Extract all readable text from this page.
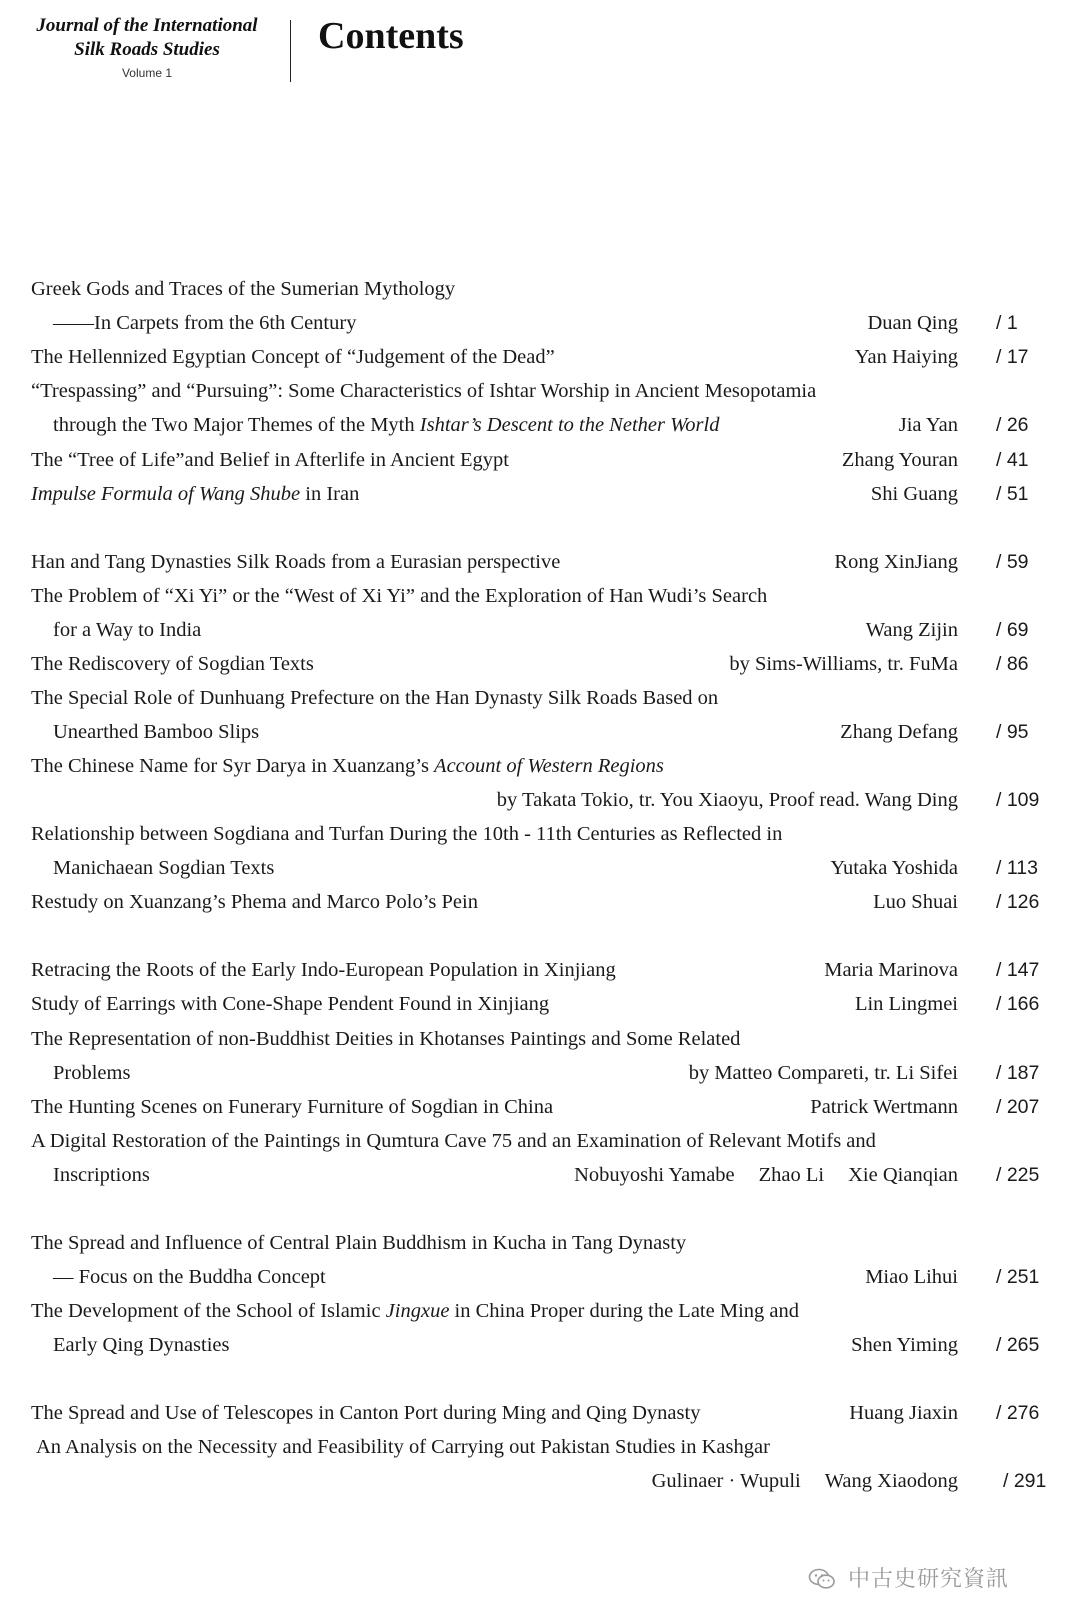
Journal of the International
Silk Roads Studies
Volume 1
Contents
Greek Gods and Traces of the Sumerian Mythology
——In Carpets from the 6th Century	Duan Qing / 1
The Hellennized Egyptian Concept of “Judgement of the Dead”	Yan Haiying / 17
“Trespassing” and “Pursuing”: Some Characteristics of Ishtar Worship in Ancient Mesopotamia
through the Two Major Themes of the Myth Ishtar’s Descent to the Nether World	Jia Yan / 26
The “Tree of Life”and Belief in Afterlife in Ancient Egypt	Zhang Youran / 41
Impulse Formula of Wang Shube in Iran	Shi Guang / 51
Han and Tang Dynasties Silk Roads from a Eurasian perspective	Rong XinJiang / 59
The Problem of “Xi Yi” or the “West of Xi Yi” and the Exploration of Han Wudi’s Search
for a Way to India	Wang Zijin / 69
The Rediscovery of Sogdian Texts	by Sims-Williams, tr. FuMa / 86
The Special Role of Dunhuang Prefecture on the Han Dynasty Silk Roads Based on
Unearthed Bamboo Slips	Zhang Defang / 95
The Chinese Name for Syr Darya in Xuanzang’s Account of Western Regions
by Takata Tokio, tr. You Xiaoyu, Proof read. Wang Ding / 109
Relationship between Sogdiana and Turfan During the 10th - 11th Centuries as Reflected in
Manichaean Sogdian Texts	Yutaka Yoshida / 113
Restudy on Xuanzang’s Phema and Marco Polo’s Pein	Luo Shuai / 126
Retracing the Roots of the Early Indo-European Population in Xinjiang	Maria Marinova / 147
Study of Earrings with Cone-Shape Pendent Found in Xinjiang	Lin Lingmei / 166
The Representation of non-Buddhist Deities in Khotanses Paintings and Some Related
Problems	by Matteo Compareti, tr. Li Sifei / 187
The Hunting Scenes on Funerary Furniture of Sogdian in China	Patrick Wertmann / 207
A Digital Restoration of the Paintings in Qumtura Cave 75 and an Examination of Relevant Motifs and
Inscriptions	Nobuyoshi Yamabe Zhao Li Xie Qianqian / 225
The Spread and Influence of Central Plain Buddhism in Kucha in Tang Dynasty
— Focus on the Buddha Concept	Miao Lihui / 251
The Development of the School of Islamic Jingxue in China Proper during the Late Ming and
Early Qing Dynasties	Shen Yiming / 265
The Spread and Use of Telescopes in Canton Port during Ming and Qing Dynasty	Huang Jiaxin / 276
An Analysis on the Necessity and Feasibility of Carrying out Pakistan Studies in Kashgar
Gulinaer · Wupuli Wang Xiaodong / 291
中古史研究資訊
